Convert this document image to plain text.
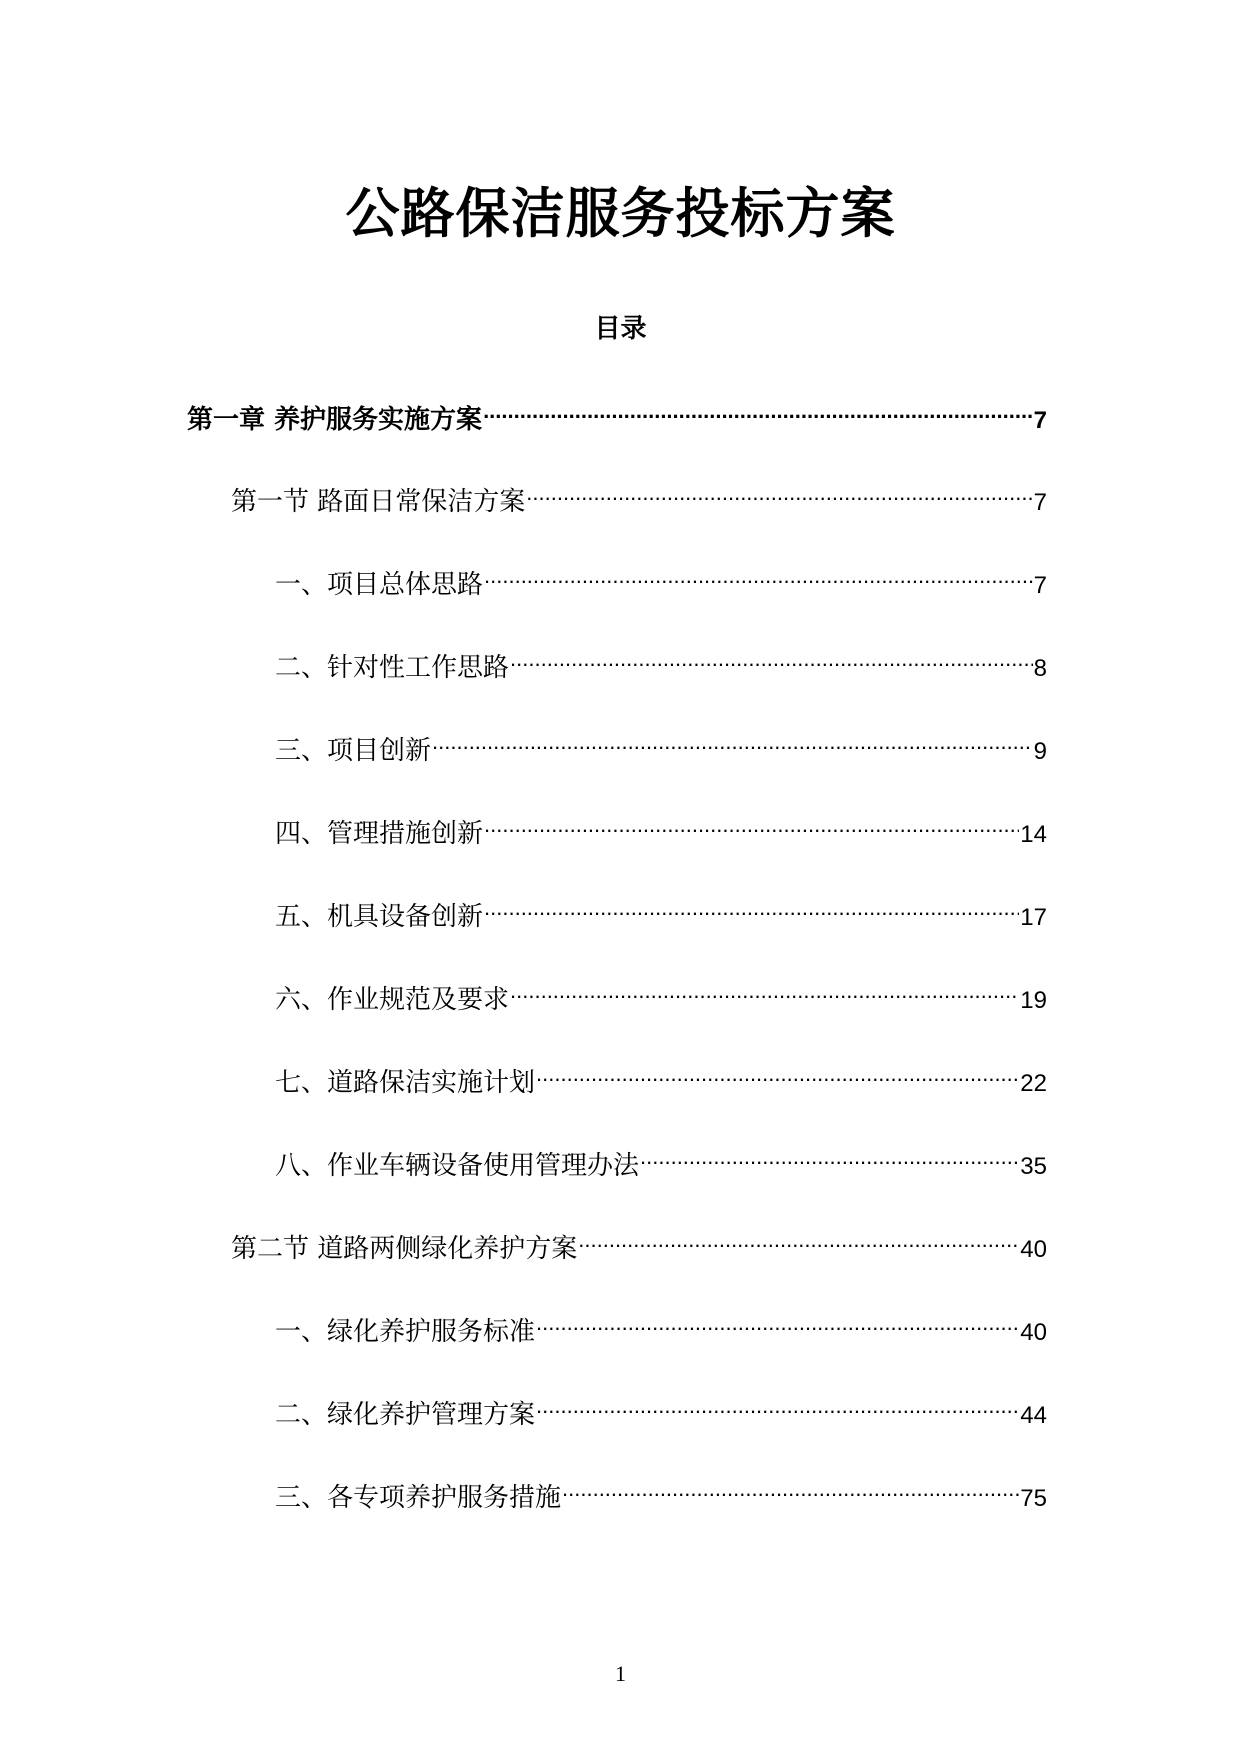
公路保洁服务投标方案
目录
第一章 养护服务实施方案 .....	7
第一节 路面日常保洁方案 .....	7
一、项目总体思路 .....	7
二、针对性工作思路 .....	8
三、项目创新 .....	9
四、管理措施创新 .....	14
五、机具设备创新 .....	17
六、作业规范及要求 .....	19
七、道路保洁实施计划 .....	22
八、作业车辆设备使用管理办法 .....	35
第二节 道路两侧绿化养护方案 .....	40
一、绿化养护服务标准 .....	40
二、绿化养护管理方案 .....	44
三、各专项养护服务措施 .....	75
1
